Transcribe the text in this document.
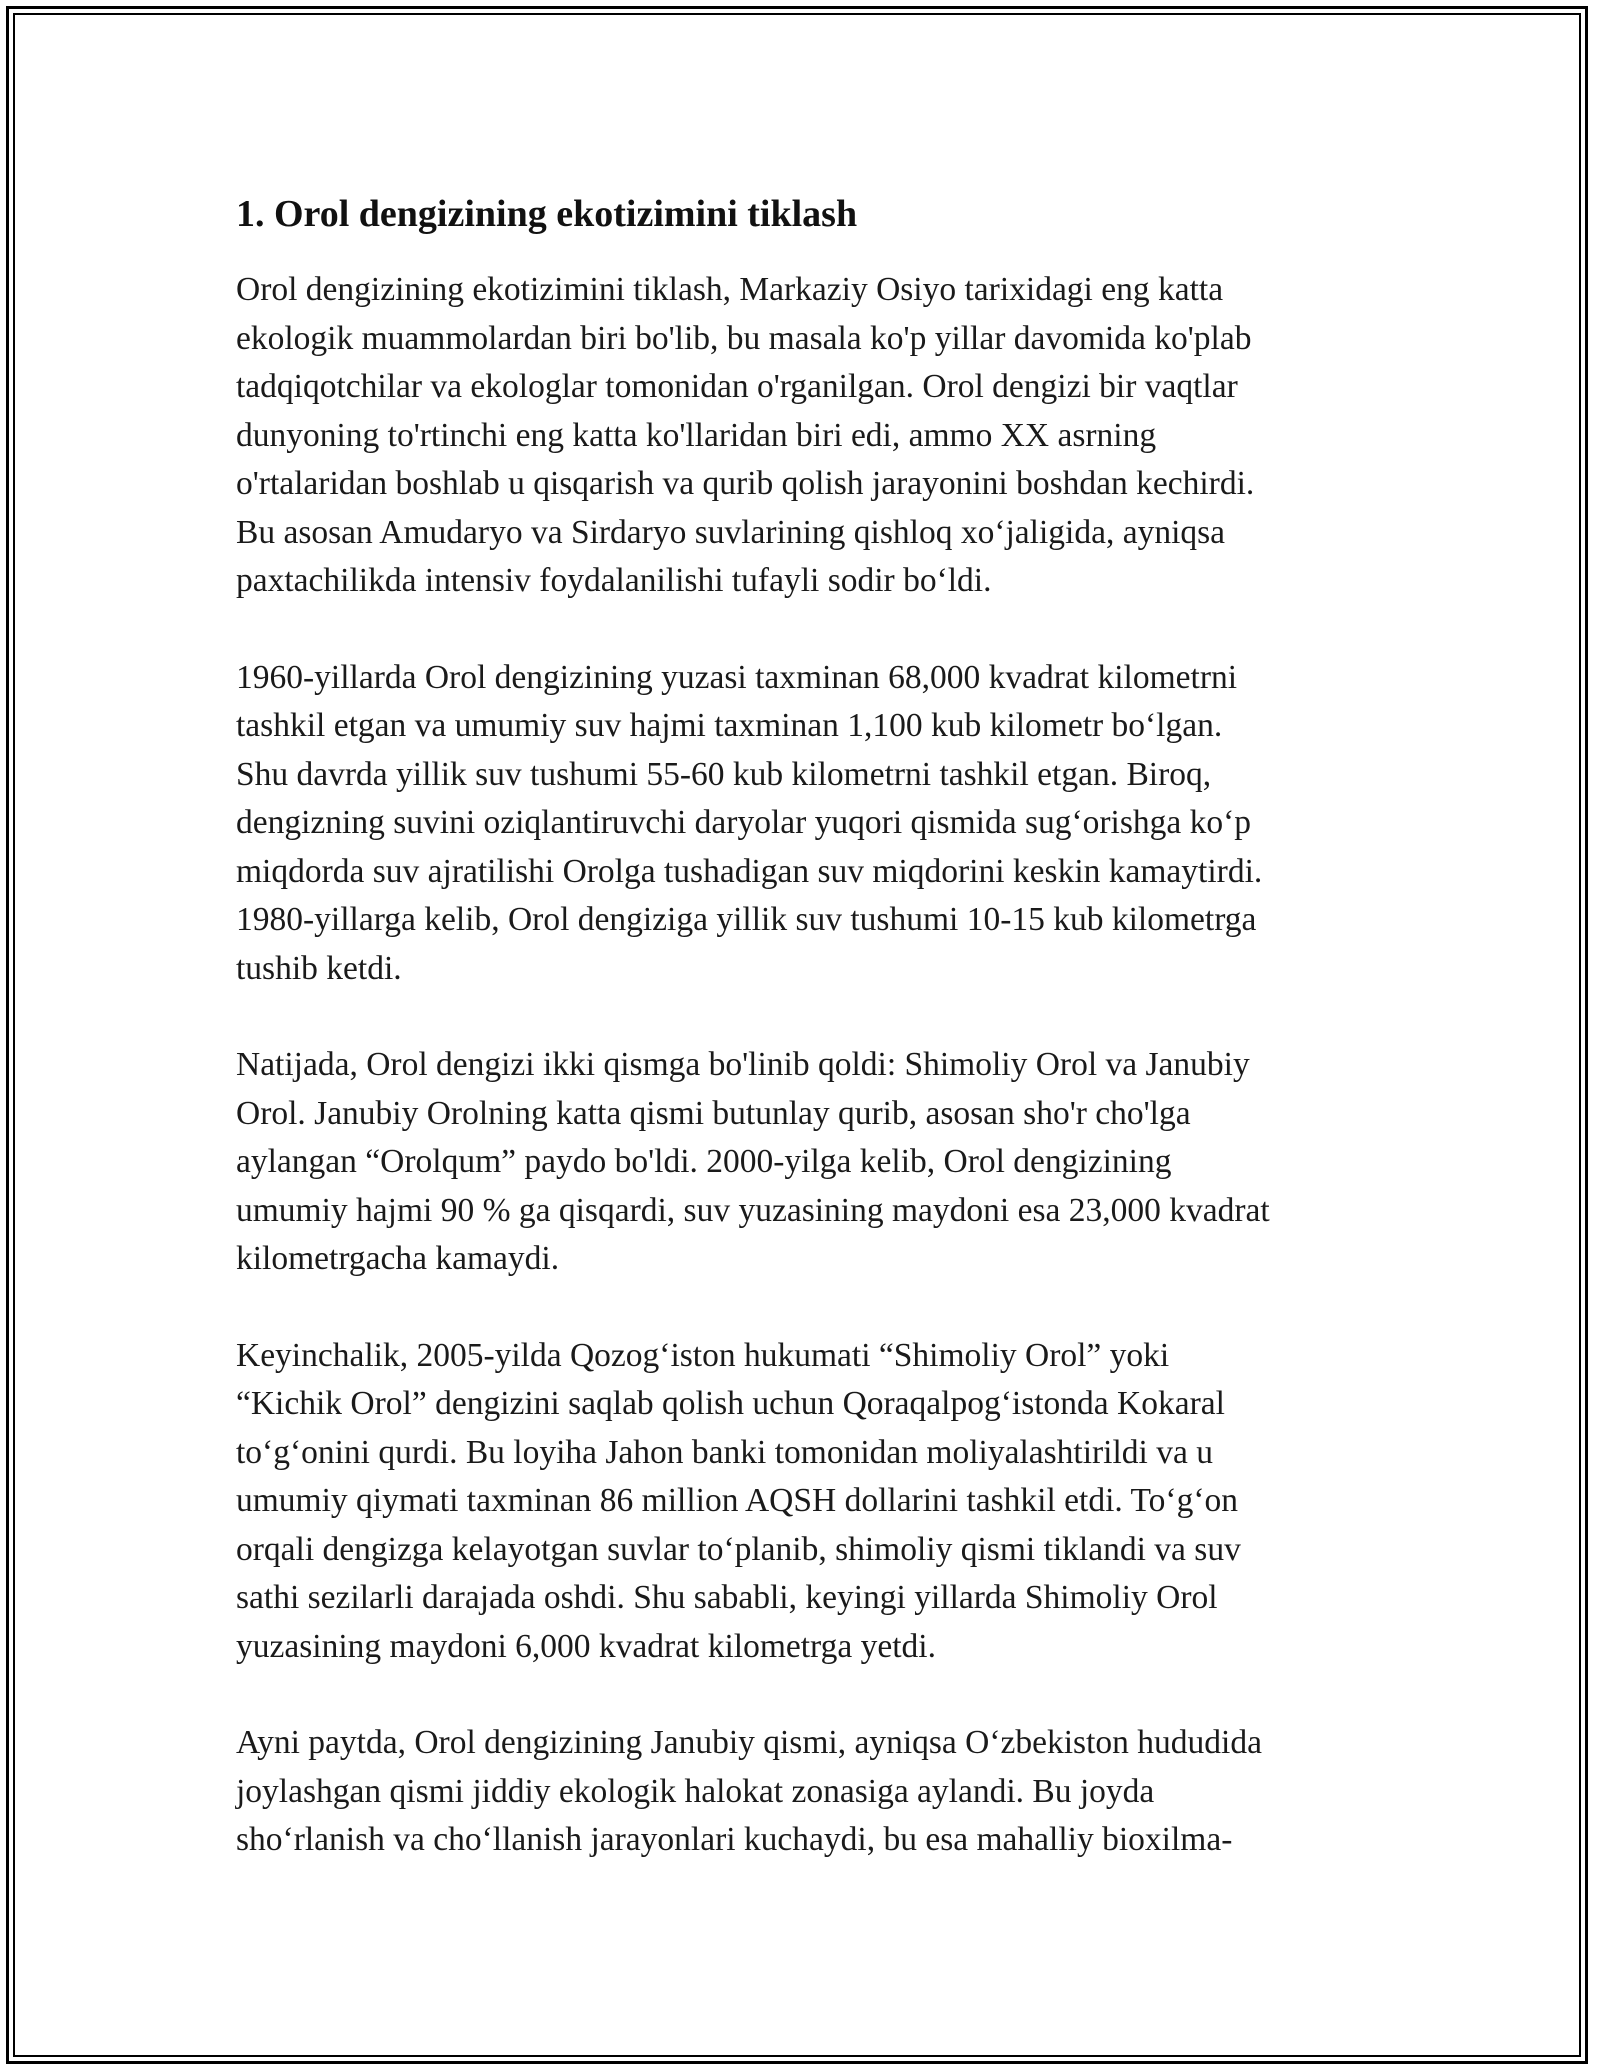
1. Orol dengizining ekotizimini tiklash
Orol dengizining ekotizimini tiklash, Markaziy Osiyo tarixidagi eng katta
ekologik muammolardan biri bo'lib, bu masala ko'p yillar davomida ko'plab
tadqiqotchilar va ekologlar tomonidan o'rganilgan. Orol dengizi bir vaqtlar
dunyoning to'rtinchi eng katta ko'llaridan biri edi, ammo XX asrning
o'rtalaridan boshlab u qisqarish va qurib qolish jarayonini boshdan kechirdi.
Bu asosan Amudaryo va Sirdaryo suvlarining qishloq xo‘jaligida, ayniqsa
paxtachilikda intensiv foydalanilishi tufayli sodir bo‘ldi.
1960-yillarda Orol dengizining yuzasi taxminan 68,000 kvadrat kilometrni
tashkil etgan va umumiy suv hajmi taxminan 1,100 kub kilometr bo‘lgan.
Shu davrda yillik suv tushumi 55-60 kub kilometrni tashkil etgan. Biroq,
dengizning suvini oziqlantiruvchi daryolar yuqori qismida sug‘orishga ko‘p
miqdorda suv ajratilishi Orolga tushadigan suv miqdorini keskin kamaytirdi.
1980-yillarga kelib, Orol dengiziga yillik suv tushumi 10-15 kub kilometrga
tushib ketdi.
Natijada, Orol dengizi ikki qismga bo'linib qoldi: Shimoliy Orol va Janubiy
Orol. Janubiy Orolning katta qismi butunlay qurib, asosan sho'r cho'lga
aylangan “Orolqum” paydo bo'ldi. 2000-yilga kelib, Orol dengizining
umumiy hajmi 90 % ga qisqardi, suv yuzasining maydoni esa 23,000 kvadrat
kilometrgacha kamaydi.
Keyinchalik, 2005-yilda Qozog‘iston hukumati “Shimoliy Orol” yoki
“Kichik Orol” dengizini saqlab qolish uchun Qoraqalpog‘istonda Kokaral
to‘g‘onini qurdi. Bu loyiha Jahon banki tomonidan moliyalashtirildi va u
umumiy qiymati taxminan 86 million AQSH dollarini tashkil etdi. To‘g‘on
orqali dengizga kelayotgan suvlar to‘planib, shimoliy qismi tiklandi va suv
sathi sezilarli darajada oshdi. Shu sababli, keyingi yillarda Shimoliy Orol
yuzasining maydoni 6,000 kvadrat kilometrga yetdi.
Ayni paytda, Orol dengizining Janubiy qismi, ayniqsa O‘zbekiston hududida
joylashgan qismi jiddiy ekologik halokat zonasiga aylandi. Bu joyda
sho‘rlanish va cho‘llanish jarayonlari kuchaydi, bu esa mahalliy bioxilma-
